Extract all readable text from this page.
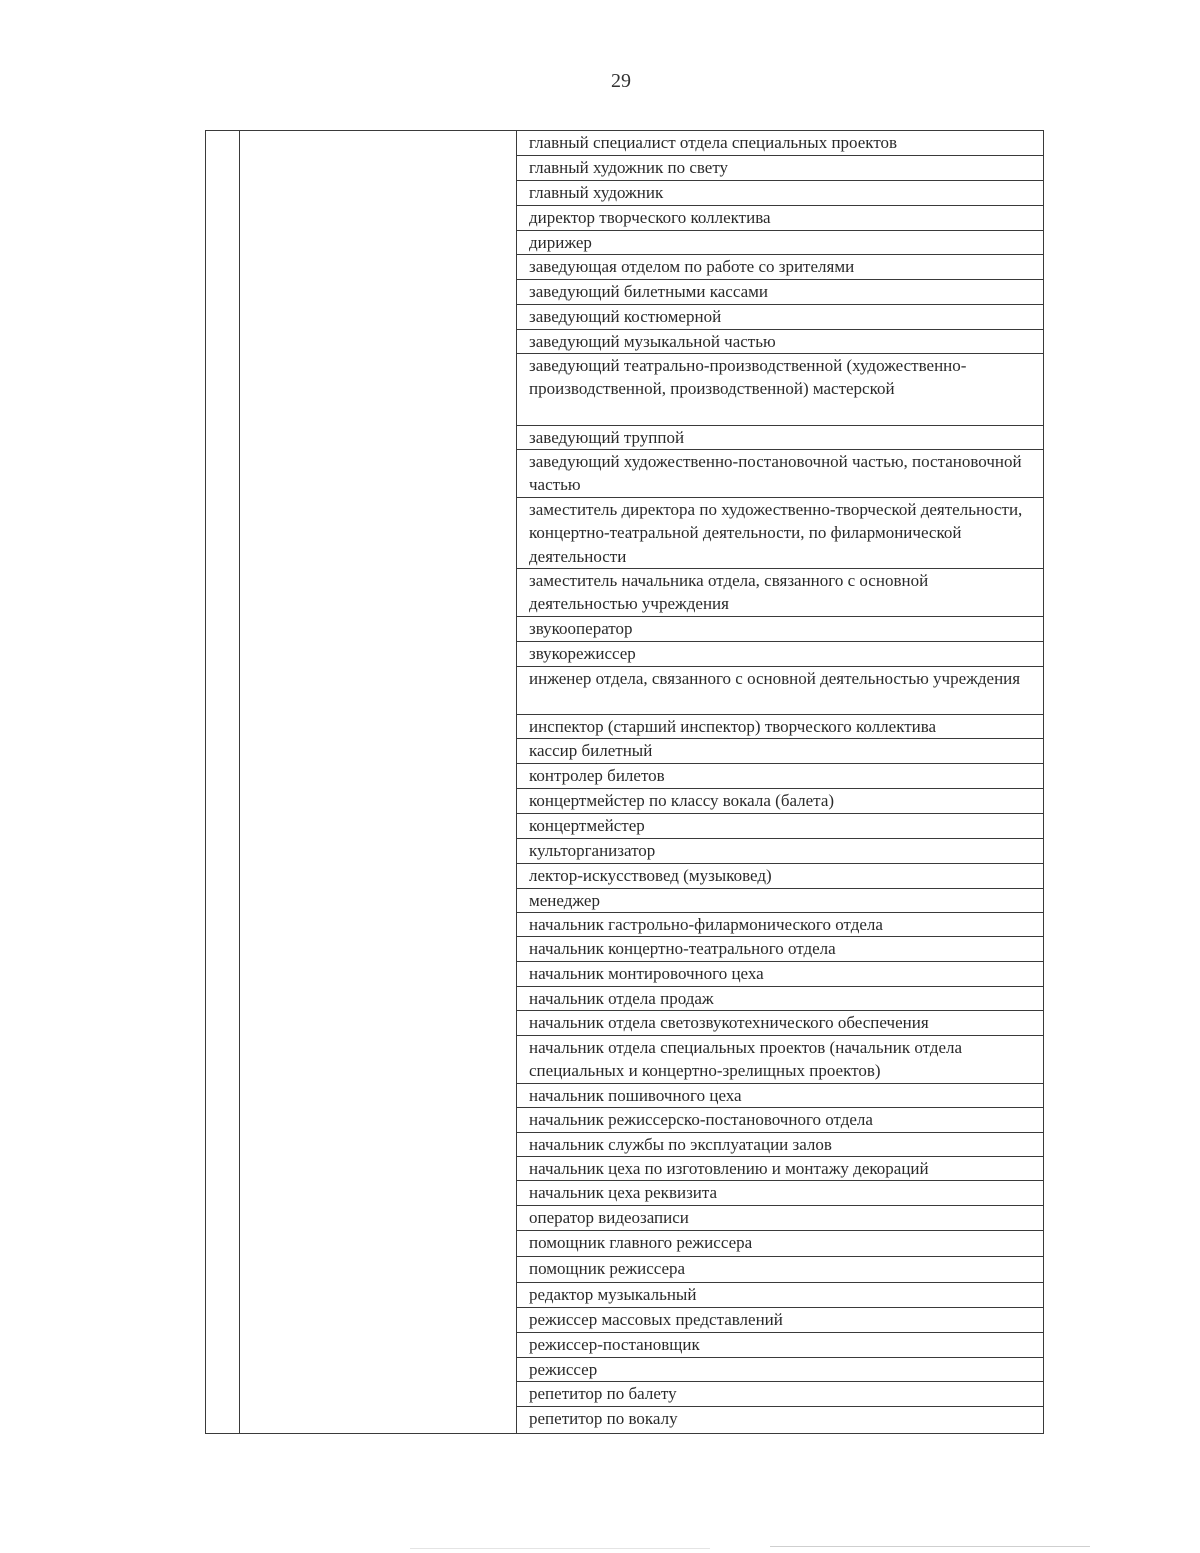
29
		главный специалист отдела специальных проектов
главный художник по свету
главный художник
директор творческого коллектива
дирижер
заведующая отделом по работе со зрителями
заведующий билетными кассами
заведующий костюмерной
заведующий музыкальной частью
заведующий театрально-производственной (художественно-производственной, производственной) мастерской
заведующий труппой
заведующий художественно-постановочной частью, постановочной частью
заместитель директора по художественно-творческой деятельности, концертно-театральной деятельности, по филармонической деятельности
заместитель начальника отдела, связанного с основной деятельностью учреждения
звукооператор
звукорежиссер
инженер отдела, связанного с основной деятельностью учреждения
инспектор (старший инспектор) творческого коллектива
кассир билетный
контролер билетов
концертмейстер по классу вокала (балета)
концертмейстер
культорганизатор
лектор-искусствовед (музыковед)
менеджер
начальник гастрольно-филармонического отдела
начальник концертно-театрального отдела
начальник монтировочного цеха
начальник отдела продаж
начальник отдела светозвукотехнического обеспечения
начальник отдела специальных проектов (начальник отдела специальных и концертно-зрелищных проектов)
начальник пошивочного цеха
начальник режиссерско-постановочного отдела
начальник службы по эксплуатации залов
начальник цеха по изготовлению и монтажу декораций
начальник цеха реквизита
оператор видеозаписи
помощник главного режиссера
помощник режиссера
редактор музыкальный
режиссер массовых представлений
режиссер-постановщик
режиссер
репетитор по балету
репетитор по вокалу
